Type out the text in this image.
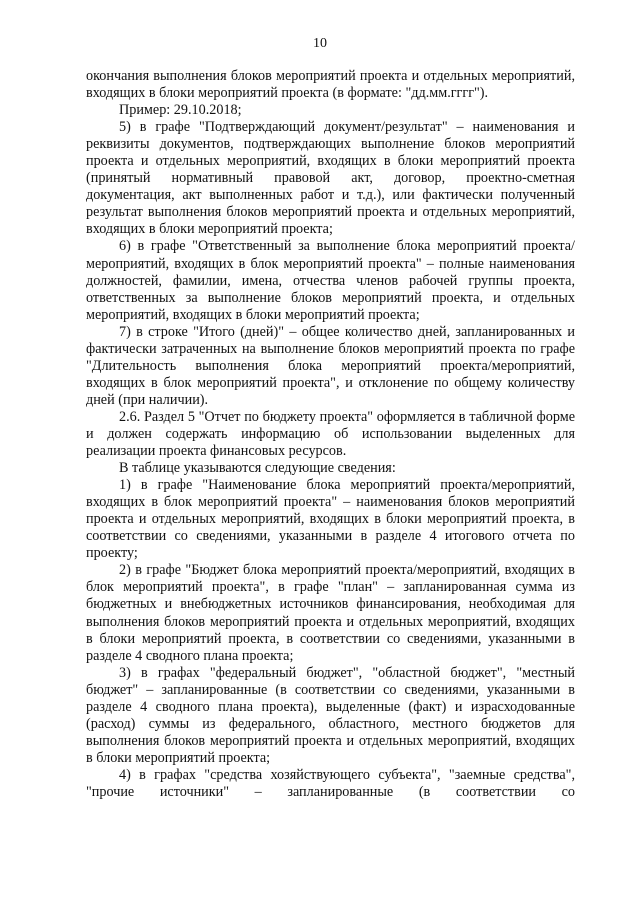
10

окончания выполнения блоков мероприятий проекта и отдельных мероприятий, входящих в блоки мероприятий проекта (в формате: "дд.мм.гггг").

Пример: 29.10.2018;

5) в графе "Подтверждающий документ/результат" – наименования и реквизиты документов, подтверждающих выполнение блоков мероприятий проекта и отдельных мероприятий, входящих в блоки мероприятий проекта (принятый нормативный правовой акт, договор, проектно-сметная документация, акт выполненных работ и т.д.), или фактически полученный результат выполнения блоков мероприятий проекта и отдельных мероприятий, входящих в блоки мероприятий проекта;

6) в графе "Ответственный за выполнение блока мероприятий проекта/мероприятий, входящих в блок мероприятий проекта" – полные наименования должностей, фамилии, имена, отчества членов рабочей группы проекта, ответственных за выполнение блоков мероприятий проекта, и отдельных мероприятий, входящих в блоки мероприятий проекта;

7) в строке "Итого (дней)" – общее количество дней, запланированных и фактически затраченных на выполнение блоков мероприятий проекта по графе "Длительность выполнения блока мероприятий проекта/мероприятий, входящих в блок мероприятий проекта", и отклонение по общему количеству дней (при наличии).

2.6. Раздел 5 "Отчет по бюджету проекта" оформляется в табличной форме и должен содержать информацию об использовании выделенных для реализации проекта финансовых ресурсов.

В таблице указываются следующие сведения:

1) в графе "Наименование блока мероприятий проекта/мероприятий, входящих в блок мероприятий проекта" – наименования блоков мероприятий проекта и отдельных мероприятий, входящих в блоки мероприятий проекта, в соответствии со сведениями, указанными в разделе 4 итогового отчета по проекту;

2) в графе "Бюджет блока мероприятий проекта/мероприятий, входящих в блок мероприятий проекта", в графе "план" – запланированная сумма из бюджетных и внебюджетных источников финансирования, необходимая для выполнения блоков мероприятий проекта и отдельных мероприятий, входящих в блоки мероприятий проекта, в соответствии со сведениями, указанными в разделе 4 сводного плана проекта;

3) в графах "федеральный бюджет", "областной бюджет", "местный бюджет" – запланированные (в соответствии со сведениями, указанными в разделе 4 сводного плана проекта), выделенные (факт) и израсходованные (расход) суммы из федерального, областного, местного бюджетов для выполнения блоков мероприятий проекта и отдельных мероприятий, входящих в блоки мероприятий проекта;

4) в графах "средства хозяйствующего субъекта", "заемные средства", "прочие источники" – запланированные (в соответствии со
